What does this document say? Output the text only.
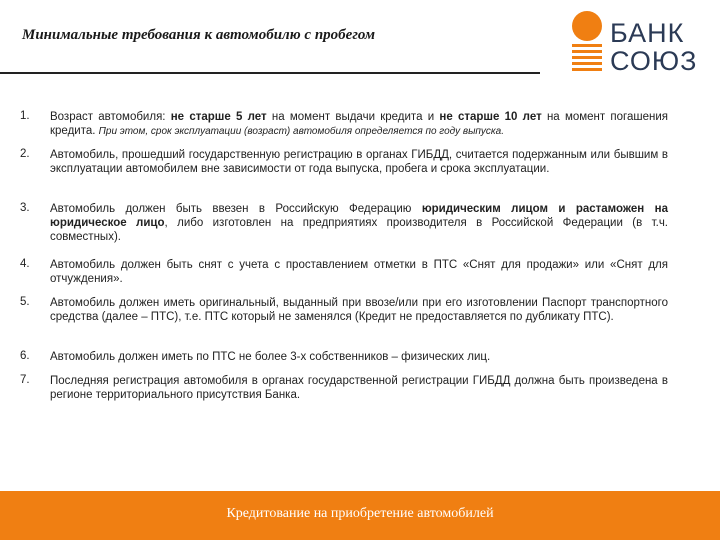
Минимальные требования к автомобилю с пробегом	БАНК
СОЮЗ
1. Возраст автомобиля: не старше 5 лет на момент выдачи кредита и не старше 10 лет на момент погашения кредита. При этом, срок эксплуатации (возраст) автомобиля определяется по году выпуска.
2. Автомобиль, прошедший государственную регистрацию в органах ГИБДД, считается подержанным или бывшим в эксплуатации автомобилем вне зависимости от года выпуска, пробега и срока эксплуатации.
3. Автомобиль должен быть ввезен в Российскую Федерацию юридическим лицом и растаможен на юридическое лицо, либо изготовлен на предприятиях производителя в Российской Федерации (в т.ч. совместных).
4. Автомобиль должен быть снят с учета с проставлением отметки в ПТС «Снят для продажи» или «Снят для отчуждения».
5. Автомобиль должен иметь оригинальный, выданный при ввозе/или при его изготовлении Паспорт транспортного средства (далее – ПТС), т.е. ПТС который не заменялся (Кредит не предоставляется по дубликату ПТС).
6. Автомобиль должен иметь по ПТС не более 3-х собственников – физических лиц.
7. Последняя регистрация автомобиля в органах государственной регистрации ГИБДД должна быть произведена в регионе территориального присутствия Банка.
Кредитование на приобретение автомобилей
